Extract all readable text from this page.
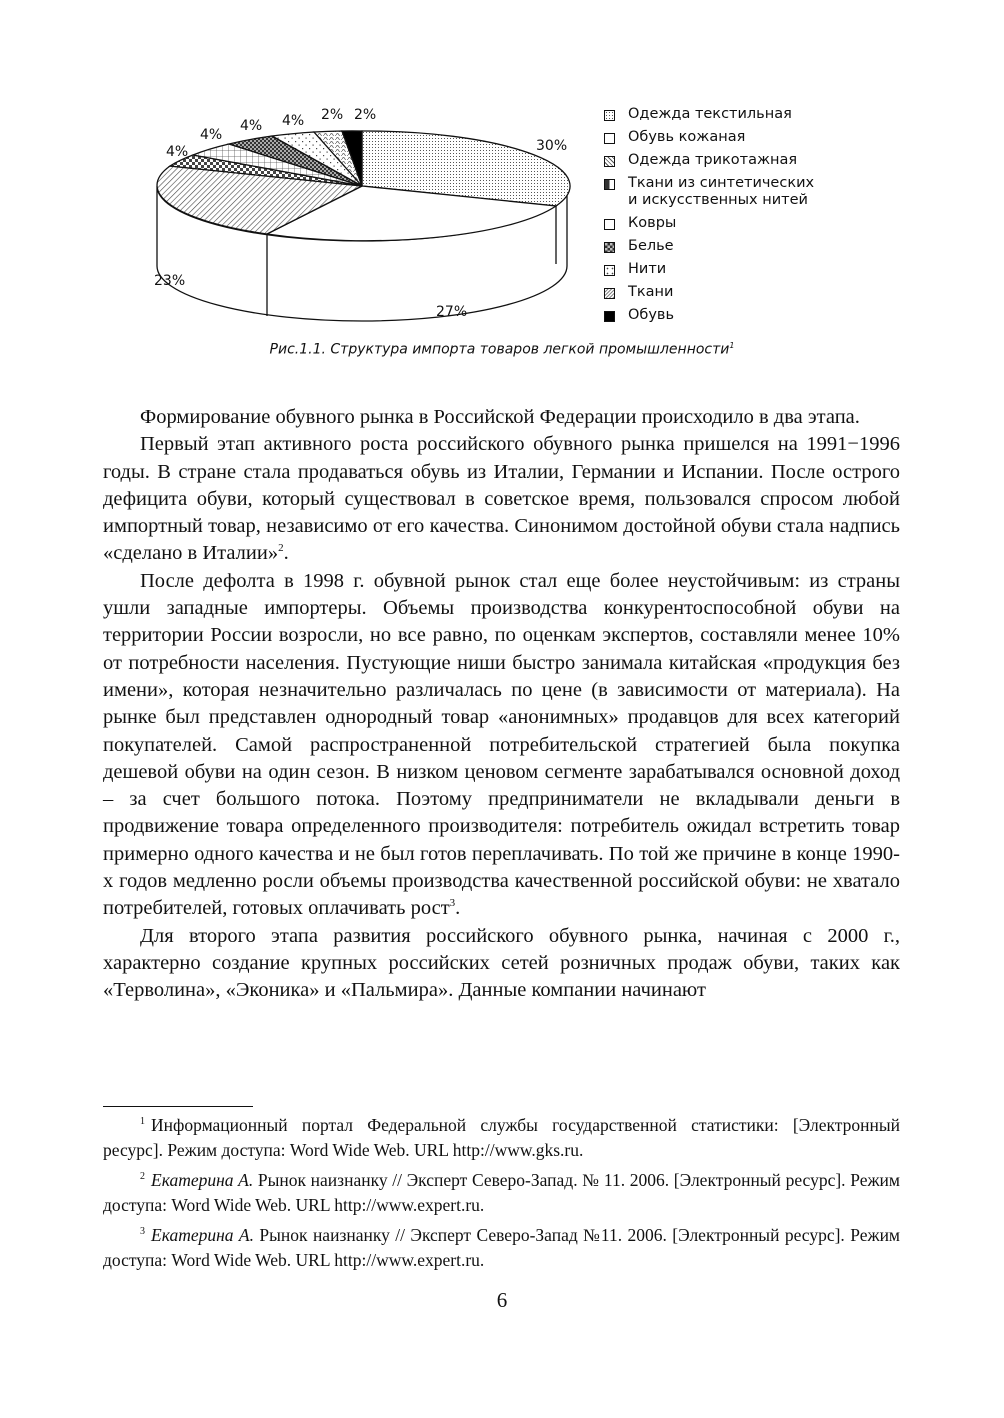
30%
27%
23%
4%
4%
4% 4% 2% 2%	Одежда текстильная
Обувь кожаная
Одежда трикотажная
Ткани из синтетических
и искусственных нитей
Ковры
Белье
Нити
Ткани
Обувь
Рис.1.1. Структура импорта товаров легкой промышленности$^1$

Формирование обувного рынка в Российской Федерации происходило в два этапа.

Первый этап активного роста российского обувного рынка пришелся на 1991−1996 годы. В стране стала продаваться обувь из Италии, Германии и Испании. После острого дефицита обуви, который существовал в советское время, пользовался спросом любой импортный товар, независимо от его качества. Синонимом достойной обуви стала надпись «сделано в Италии»$^2$.

После дефолта в 1998 г. обувной рынок стал еще более неустойчивым: из страны ушли западные импортеры. Объемы производства конкурентоспособной обуви на территории России возросли, но все равно, по оценкам экспертов, составляли менее 10% от потребности населения. Пустующие ниши быстро занимала китайская «продукция без имени», которая незначительно различалась по цене (в зависимости от материала). На рынке был представлен однородный товар «анонимных» продавцов для всех категорий покупателей. Самой распространенной потребительской стратегией была покупка дешевой обуви на один сезон. В низком ценовом сегменте зарабатывался основной доход – за счет большого потока. Поэтому предприниматели не вкладывали деньги в продвижение товара определенного производителя: потребитель ожидал встретить товар примерно одного качества и не был готов переплачивать. По той же причине в конце 1990-х годов медленно росли объемы производства качественной российской обуви: не хватало потребителей, готовых оплачивать рост$^3$.

Для второго этапа развития российского обувного рынка, начиная с 2000 г., характерно создание крупных российских сетей розничных продаж обуви, таких как «Терволина», «Эконика» и «Пальмира». Данные компании начинают

$^1$ Информационный портал Федеральной службы государственной статистики: [Электронный ресурс]. Режим доступа: Word Wide Web. URL http://www.gks.ru.

$^2$ Екатерина А. Рынок наизнанку // Эксперт Северо-Запад. № 11. 2006. [Электронный ресурс]. Режим доступа: Word Wide Web. URL http://www.expert.ru.

$^3$ Екатерина А. Рынок наизнанку // Эксперт Северо-Запад №11. 2006. [Электронный ресурс]. Режим доступа: Word Wide Web. URL http://www.expert.ru.

6
